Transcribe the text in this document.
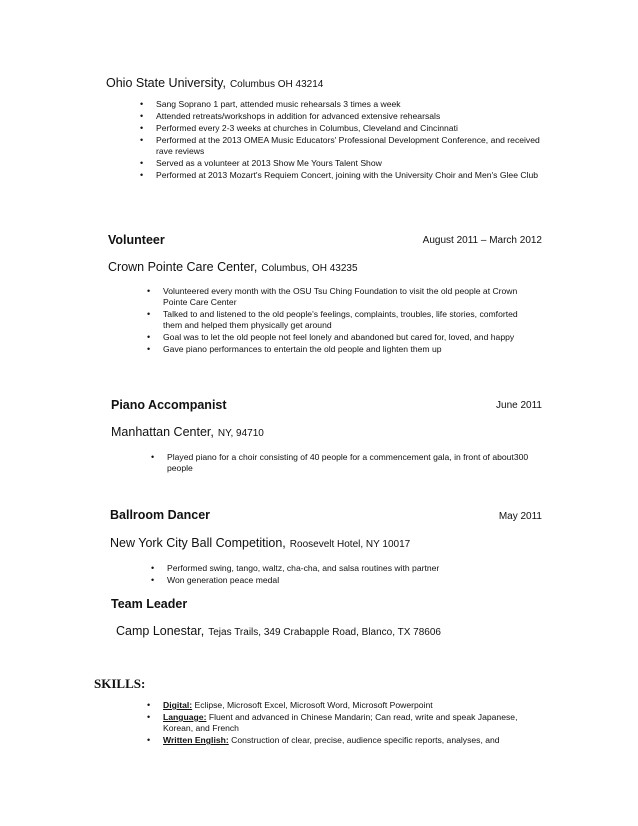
Ohio State University, Columbus OH 43214
• Sang Soprano 1 part, attended music rehearsals 3 times a week
• Attended retreats/workshops in addition for advanced extensive rehearsals
• Performed every 2-3 weeks at churches in Columbus, Cleveland and Cincinnati
• Performed at the 2013 OMEA Music Educators' Professional Development Conference, and received rave reviews
• Served as a volunteer at 2013 Show Me Yours Talent Show
• Performed at 2013 Mozart's Requiem Concert, joining with the University Choir and Men's Glee Club
Volunteer	August 2011 – March 2012
Crown Pointe Care Center, Columbus, OH 43235
• Volunteered every month with the OSU Tsu Ching Foundation to visit the old people at Crown Pointe Care Center
• Talked to and listened to the old people's feelings, complaints, troubles, life stories, comforted them and helped them physically get around
• Goal was to let the old people not feel lonely and abandoned but cared for, loved, and happy
• Gave piano performances to entertain the old people and lighten them up
Piano Accompanist	June 2011
Manhattan Center, NY, 94710
• Played piano for a choir consisting of 40 people for a commencement gala, in front of about300 people
Ballroom Dancer	May 2011
New York City Ball Competition, Roosevelt Hotel, NY 10017
• Performed swing, tango, waltz, cha-cha, and salsa routines with partner
• Won generation peace medal
Team Leader
Camp Lonestar, Tejas Trails, 349 Crabapple Road, Blanco, TX 78606
SKILLS:
• Digital: Eclipse, Microsoft Excel, Microsoft Word, Microsoft Powerpoint
• Language: Fluent and advanced in Chinese Mandarin; Can read, write and speak Japanese, Korean, and French
• Written English: Construction of clear, precise, audience specific reports, analyses, and
